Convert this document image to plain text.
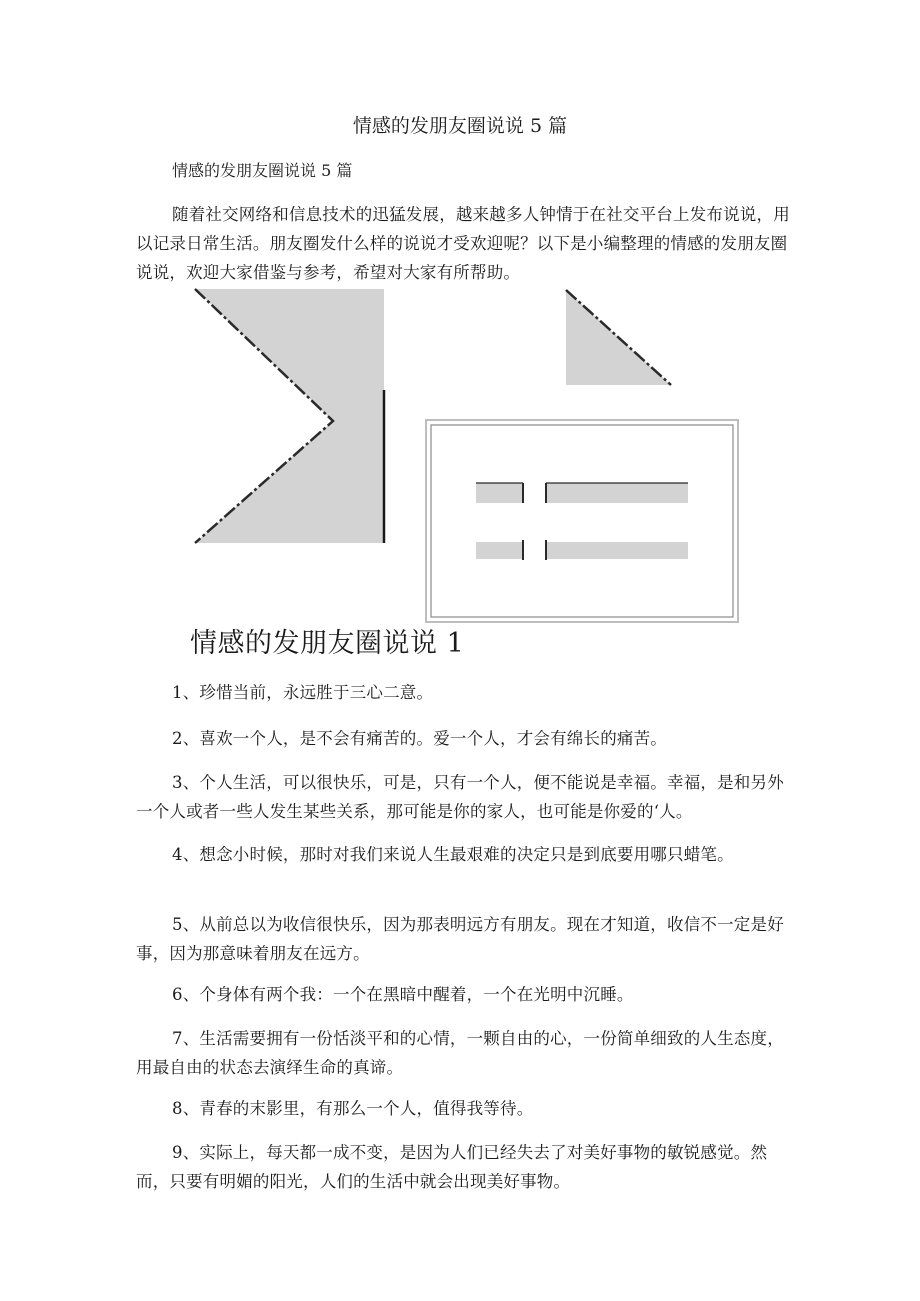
情感的发朋友圈说说 5 篇
情感的发朋友圈说说 5 篇

随着社交网络和信息技术的迅猛发展，越来越多人钟情于在社交平台上发布说说，用以记录日常生活。朋友圈发什么样的说说才受欢迎呢？以下是小编整理的情感的发朋友圈说说，欢迎大家借鉴与参考，希望对大家有所帮助。

情感的发朋友圈说说 1

1、珍惜当前，永远胜于三心二意。

2、喜欢一个人，是不会有痛苦的。爱一个人，才会有绵长的痛苦。

3、个人生活，可以很快乐，可是，只有一个人，便不能说是幸福。幸福，是和另外一个人或者一些人发生某些关系，那可能是你的家人，也可能是你爱的‘人。

4、想念小时候，那时对我们来说人生最艰难的决定只是到底要用哪只蜡笔。

5、从前总以为收信很快乐，因为那表明远方有朋友。现在才知道，收信不一定是好事，因为那意味着朋友在远方。

6、个身体有两个我：一个在黑暗中醒着，一个在光明中沉睡。

7、生活需要拥有一份恬淡平和的心情，一颗自由的心，一份简单细致的人生态度，用最自由的状态去演绎生命的真谛。

8、青春的末影里，有那么一个人，值得我等待。

9、实际上，每天都一成不变，是因为人们已经失去了对美好事物的敏锐感觉。然而，只要有明媚的阳光，人们的生活中就会出现美好事物。
